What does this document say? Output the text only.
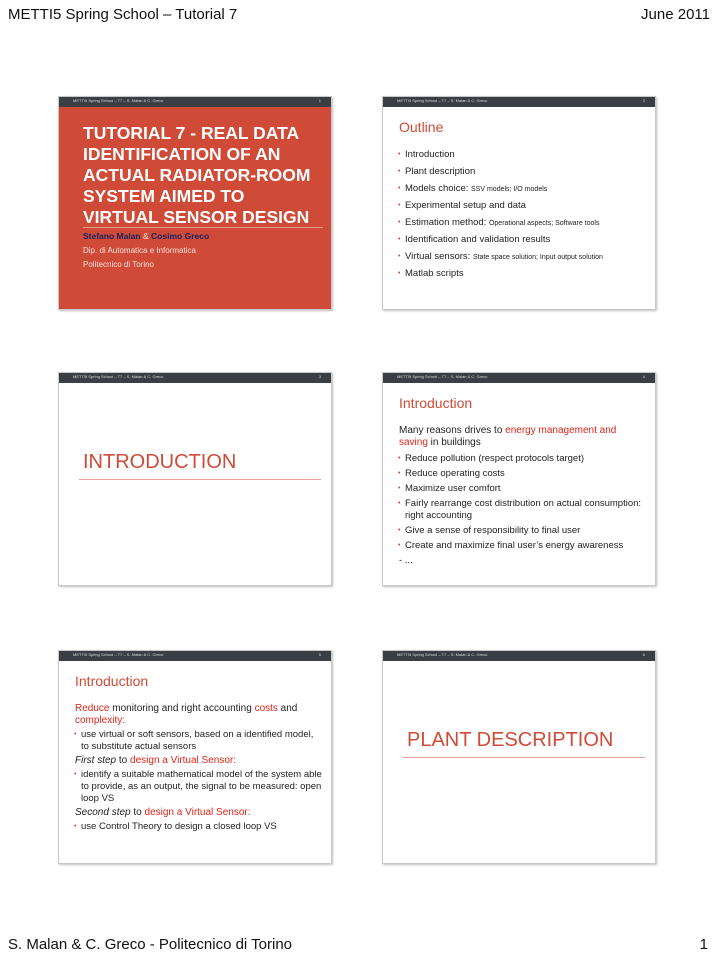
METTI5 Spring School – Tutorial 7	June 2011
METTI5 Spring School – T7 – S. Malan & C. Greco	1
TUTORIAL 7 - REAL DATA IDENTIFICATION OF AN ACTUAL RADIATOR-ROOM SYSTEM AIMED TO VIRTUAL SENSOR DESIGN
Stefano Malan & Cosimo Greco
Dip. di Automatica e Informatica
Politecnico di Torino
METTI5 Spring School – T7 – S. Malan & C. Greco	2
Outline
• Introduction
• Plant description
• Models choice: SSV models; I/O models
• Experimental setup and data
• Estimation method: Operational aspects; Software tools
• Identification and validation results
• Virtual sensors: State space solution; Input output solution
• Matlab scripts
METTI5 Spring School – T7 – S. Malan & C. Greco	3
INTRODUCTION
METTI5 Spring School – T7 – S. Malan & C. Greco	4
Introduction
Many reasons drives to energy management and saving in buildings
• Reduce pollution (respect protocols target)
• Reduce operating costs
• Maximize user comfort
• Fairly rearrange cost distribution on actual consumption: right accounting
• Give a sense of responsibility to final user
• Create and maximize final user’s energy awareness
- ...
METTI5 Spring School – T7 – S. Malan & C. Greco	5
Introduction
Reduce monitoring and right accounting costs and complexity:
• use virtual or soft sensors, based on a identified model, to substitute actual sensors
First step to design a Virtual Sensor:
• identify a suitable mathematical model of the system able to provide, as an output, the signal to be measured: open loop VS
Second step to design a Virtual Sensor:
• use Control Theory to design a closed loop VS
METTI5 Spring School – T7 – S. Malan & C. Greco	6
PLANT DESCRIPTION
S. Malan & C. Greco - Politecnico di Torino	1
